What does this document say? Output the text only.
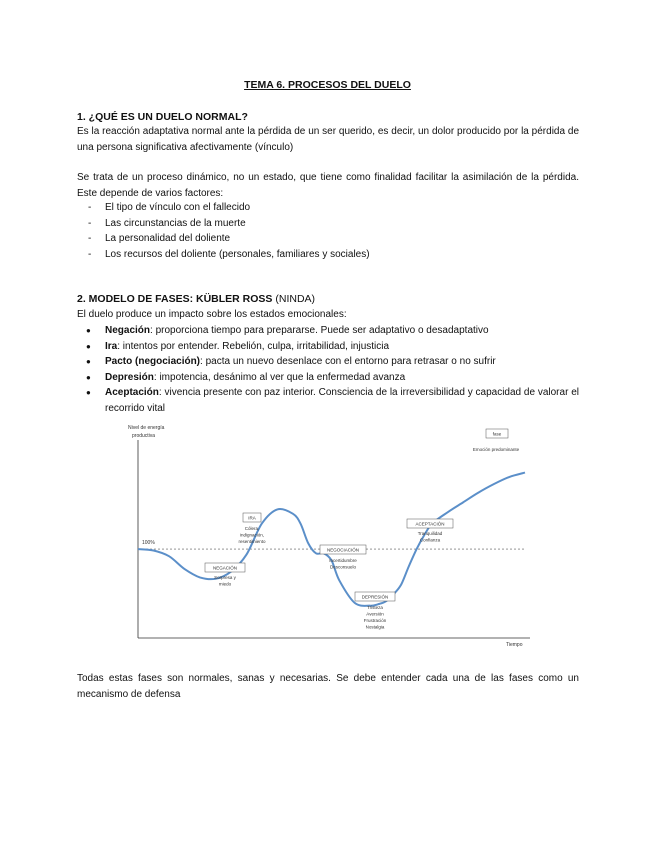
TEMA 6. PROCESOS DEL DUELO
1. ¿QUÉ ES UN DUELO NORMAL?
Es la reacción adaptativa normal ante la pérdida de un ser querido, es decir, un dolor producido por la pérdida de una persona significativa afectivamente (vínculo)
Se trata de un proceso dinámico, no un estado, que tiene como finalidad facilitar la asimilación de la pérdida. Este depende de varios factores:
- El tipo de vínculo con el fallecido
- Las circunstancias de la muerte
- La personalidad del doliente
- Los recursos del doliente (personales, familiares y sociales)
2. MODELO DE FASES: KÜBLER ROSS (NINDA)
El duelo produce un impacto sobre los estados emocionales:
● Negación: proporciona tiempo para prepararse. Puede ser adaptativo o desadaptativo
● Ira: intentos por entender. Rebelión, culpa, irritabilidad, injusticia
● Pacto (negociación): pacta un nuevo desenlace con el entorno para retrasar o no sufrir
● Depresión: impotencia, desánimo al ver que la enfermedad avanza
● Aceptación: vivencia presente con paz interior. Consciencia de la irreversibilidad y capacidad de valorar el recorrido vital
Nivel de energía
productiva
Tiempo
100%
fase
Emoción predominante
NEGACIÓN
Sorpresa y
miedo
IRA
Cólera,
indignación,
resentimiento
NEGOCIACIÓN
Incertidumbre
Desconsuelo
DEPRESIÓN
Tristeza
Aversión
Frustración
Nostalgia
ACEPTACIÓN
Tranquilidad
Confianza
Todas estas fases son normales, sanas y necesarias. Se debe entender cada una de las fases como un mecanismo de defensa
